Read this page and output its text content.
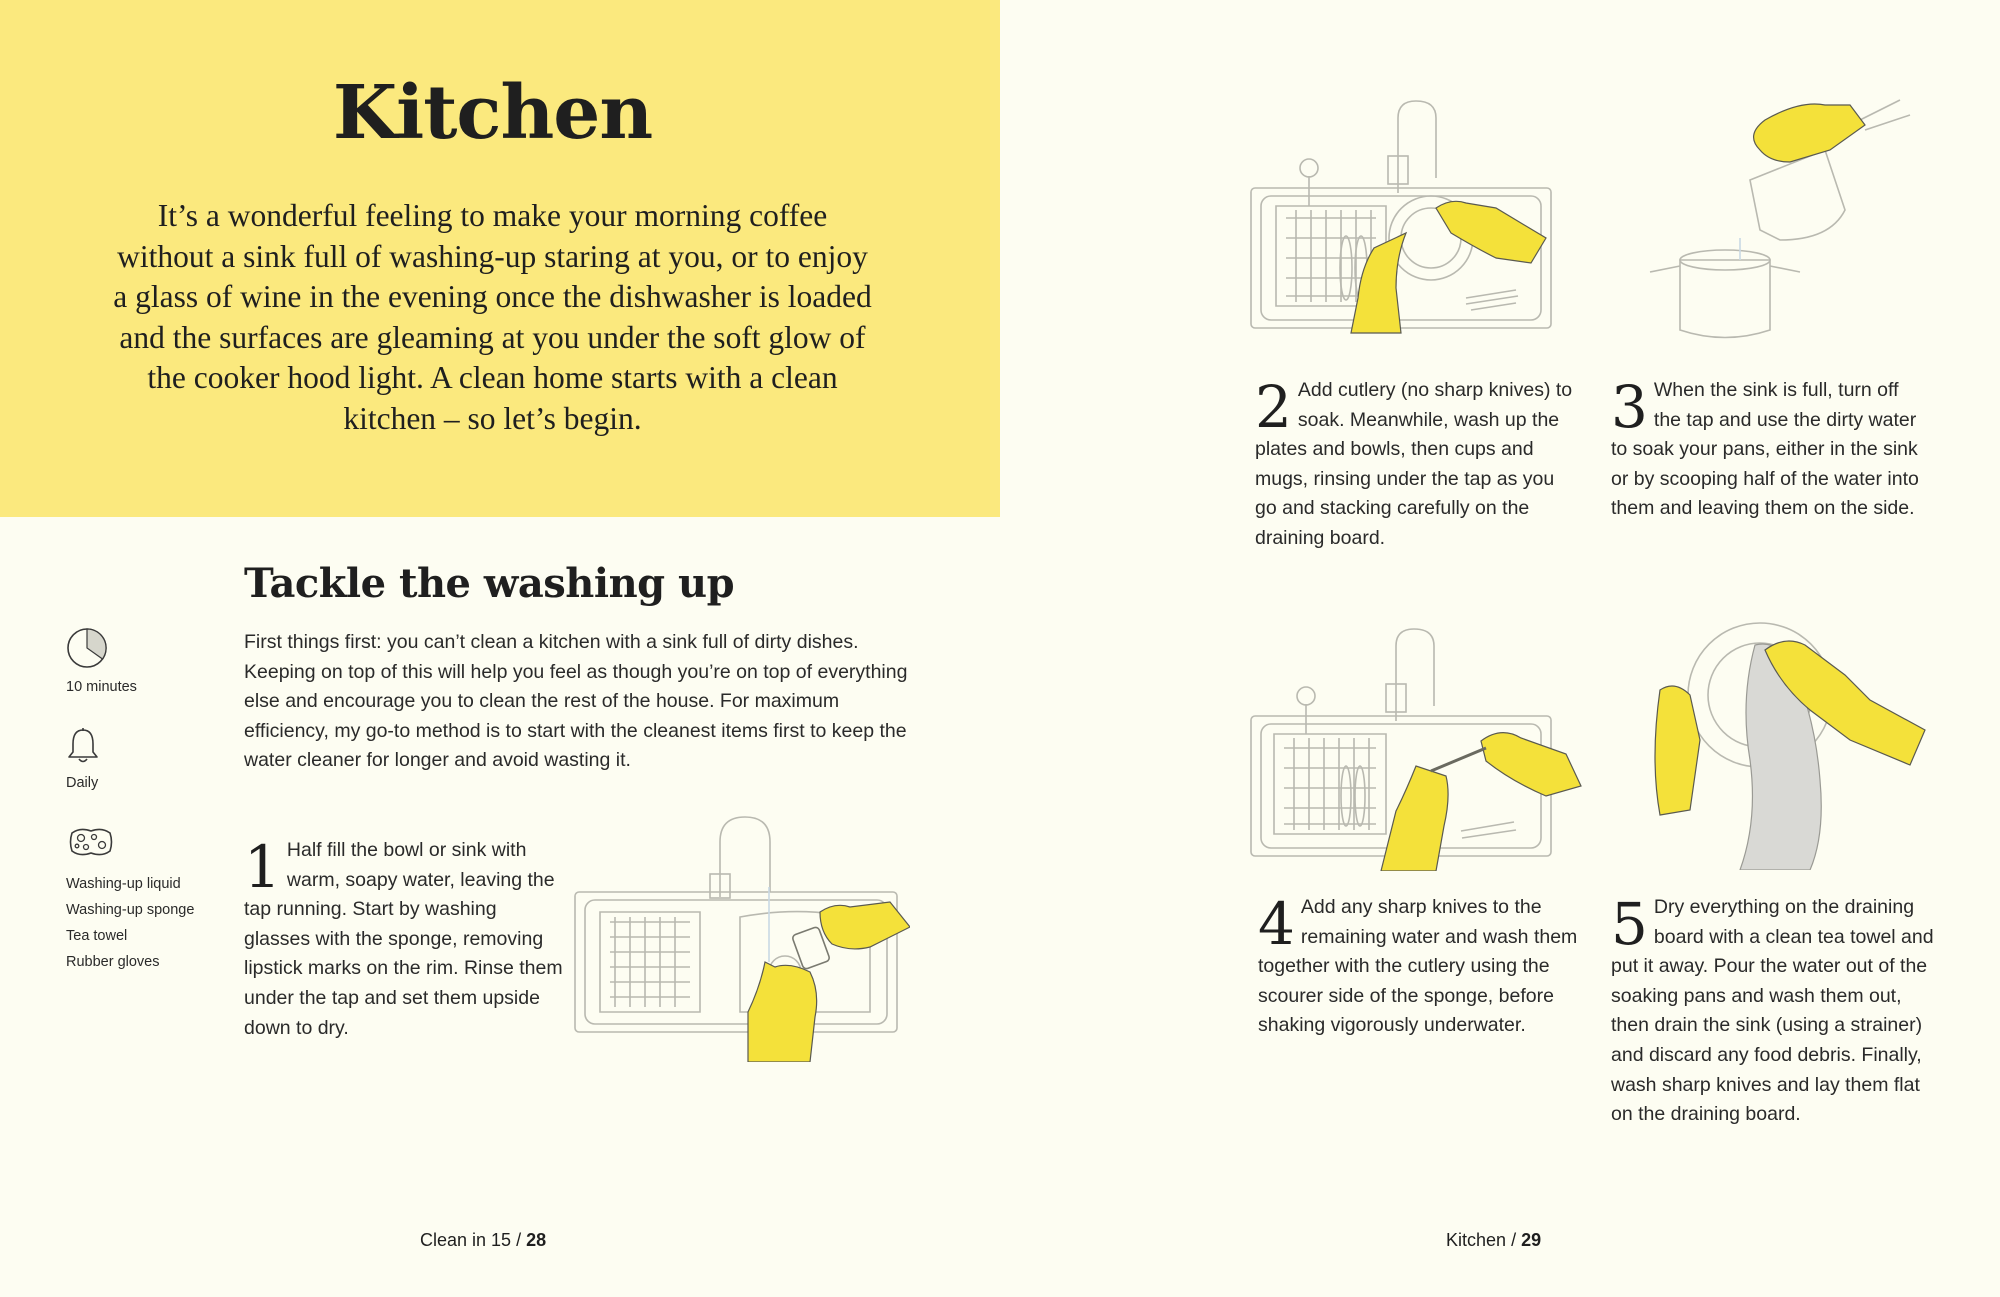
Kitchen

It’s a wonderful feeling to make your morning coffee without a sink full of washing-up staring at you, or to enjoy a glass of wine in the evening once the dishwasher is loaded and the surfaces are gleaming at you under the soft glow of the cooker hood light. A clean home starts with a clean kitchen – so let’s begin.

Tackle the washing up

First things first: you can’t clean a kitchen with a sink full of dirty dishes. Keeping on top of this will help you feel as though you’re on top of everything else and encourage you to clean the rest of the house. For maximum efficiency, my go-to method is to start with the cleanest items first to keep the water cleaner for longer and avoid wasting it.

10 minutes
Daily
Washing-up liquid
Washing-up sponge
Tea towel
Rubber gloves

1 Half fill the bowl or sink with warm, soapy water, leaving the tap running. Start by washing glasses with the sponge, removing lipstick marks on the rim. Rinse them under the tap and set them upside down to dry.

Clean in 15 / 28

2 Add cutlery (no sharp knives) to soak. Meanwhile, wash up the plates and bowls, then cups and mugs, rinsing under the tap as you go and stacking carefully on the draining board.

3 When the sink is full, turn off the tap and use the dirty water to soak your pans, either in the sink or by scooping half of the water into them and leaving them on the side.

4 Add any sharp knives to the remaining water and wash them together with the cutlery using the scourer side of the sponge, before shaking vigorously underwater.

5 Dry everything on the draining board with a clean tea towel and put it away. Pour the water out of the soaking pans and wash them out, then drain the sink (using a strainer) and discard any food debris. Finally, wash sharp knives and lay them flat on the draining board.

Kitchen / 29
